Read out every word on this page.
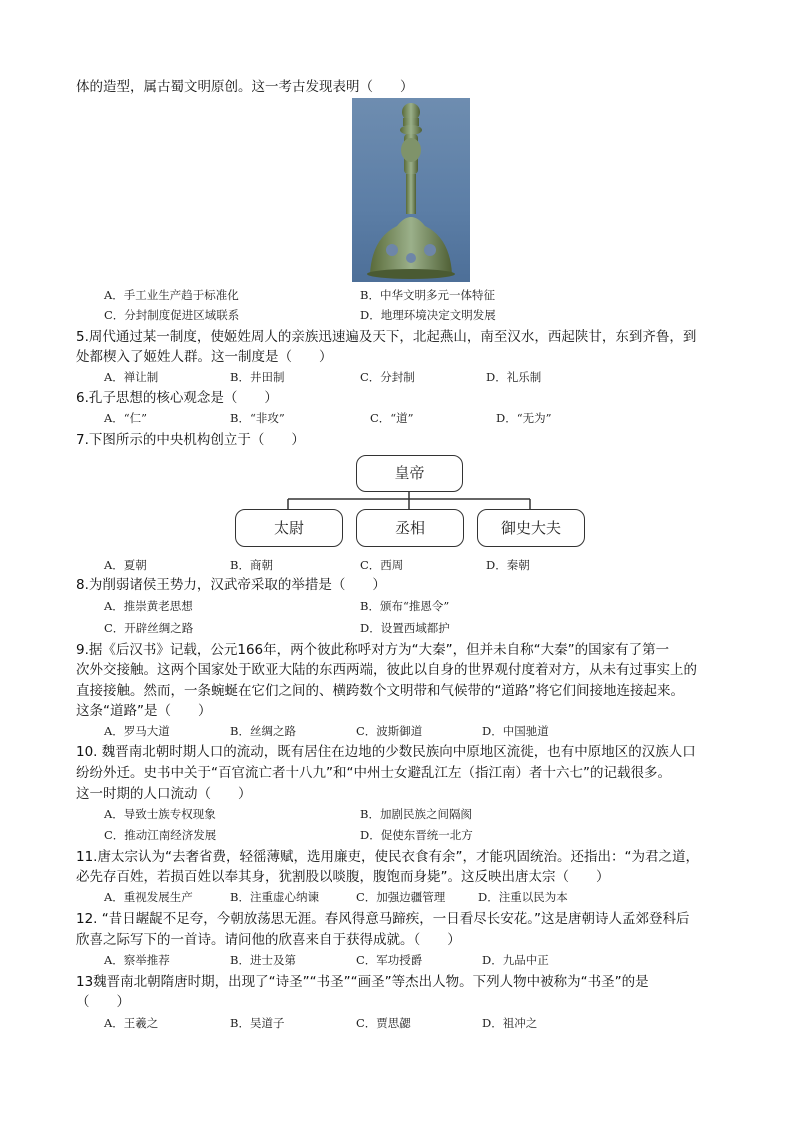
体的造型，属古蜀文明原创。这一考古发现表明（　　）
A．手工业生产趋于标准化	B．中华文明多元一体特征
C．分封制度促进区域联系	D．地理环境决定文明发展
5.周代通过某一制度，使姬姓周人的亲族迅速遍及天下，北起燕山，南至汉水，西起陕甘，东到齐鲁，到
处都楔入了姬姓人群。这一制度是（　　）
A．禅让制	B．井田制	C．分封制	D．礼乐制
6.孔子思想的核心观念是（　　）
A．“仁”	B．“非攻”	C．“道”	D．“无为”
7.下图所示的中央机构创立于（　　）
皇帝
太尉	丞相	御史大夫
A．夏朝	B．商朝	C．西周	D．秦朝
8.为削弱诸侯王势力，汉武帝采取的举措是（　　）
A．推崇黄老思想	B．颁布“推恩令”
C．开辟丝绸之路	D．设置西域都护
9.据《后汉书》记载，公元166年，两个彼此称呼对方为“大秦”，但并未自称“大秦”的国家有了第一
次外交接触。这两个国家处于欧亚大陆的东西两端，彼此以自身的世界观付度着对方，从未有过事实上的
直接接触。然而，一条蜿蜒在它们之间的、横跨数个文明带和气候带的“道路”将它们间接地连接起来。
这条“道路”是（　　）
A．罗马大道	B．丝绸之路	C．波斯御道	D．中国驰道
10. 魏晋南北朝时期人口的流动，既有居住在边地的少数民族向中原地区流徙，也有中原地区的汉族人口
纷纷外迁。史书中关于“百官流亡者十八九”和“中州士女避乱江左（指江南）者十六七”的记载很多。
这一时期的人口流动（　　）
A．导致士族专权现象	B．加剧民族之间隔阂
C．推动江南经济发展	D．促使东晋统一北方
11.唐太宗认为“去奢省费，轻徭薄赋，选用廉吏，使民衣食有余”，才能巩固统治。还指出：“为君之道，
必先存百姓，若损百姓以奉其身，犹割股以啖腹，腹饱而身毙”。这反映出唐太宗（　　）
A．重视发展生产	B．注重虚心纳谏	C．加强边疆管理	D．注重以民为本
12. “昔日龌龊不足夸，今朝放荡思无涯。春风得意马蹄疾，一日看尽长安花。”这是唐朝诗人孟郊登科后
欣喜之际写下的一首诗。请问他的欣喜来自于获得成就。（　　）
A．察举推荐	B．进士及第	C．军功授爵	D．九品中正
13魏晋南北朝隋唐时期，出现了“诗圣”“书圣”“画圣”等杰出人物。下列人物中被称为“书圣”的是
（　　）
A．王羲之	B．吴道子	C．贾思勰	D．祖冲之
